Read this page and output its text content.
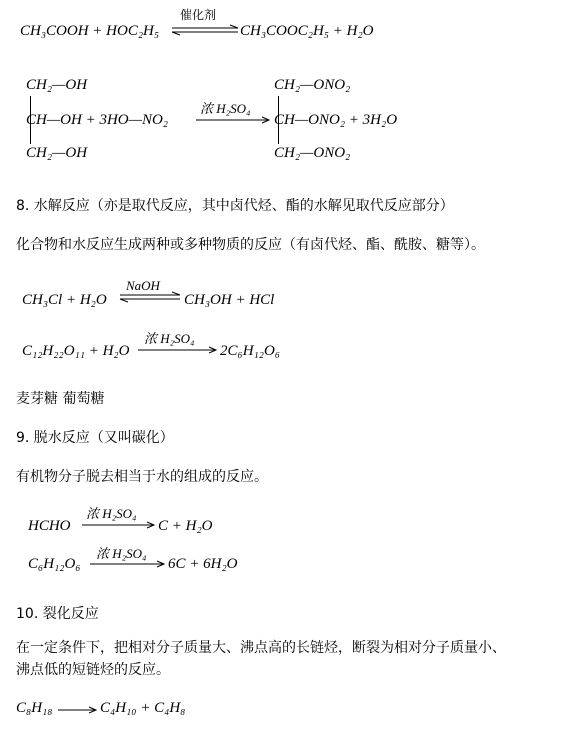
CH₃COOH + HOC₂H₅
催化剂
CH₃COOC₂H₅ + H₂O
CH₂—OH
CH—OH + 3HO—NO₂
CH₂—OH
浓 H₂SO₄
CH₂—ONO₂
CH—ONO₂ + 3H₂O
CH₂—ONO₂
8. 水解反应（亦是取代反应，其中卤代烃、酯的水解见取代反应部分）
化合物和水反应生成两种或多种物质的反应（有卤代烃、酯、酰胺、糖等）。
CH₃Cl + H₂O
NaOH
⇌ CH₃OH + HCl
C₁₂H₂₂O₁₁ + H₂O
浓 H₂SO₄
2C₆H₁₂O₆
麦芽糖 葡萄糖
9. 脱水反应（又叫碳化）
有机物分子脱去相当于水的组成的反应。
HCHO
浓 H₂SO₄
C + H₂O
C₆H₁₂O₆
浓 H₂SO₄
6C + 6H₂O
10. 裂化反应
在一定条件下，把相对分子质量大、沸点高的长链烃，断裂为相对分子质量小、
沸点低的短链烃的反应。
C₈H₁₈	C₄H₁₀ + C₄H₈
